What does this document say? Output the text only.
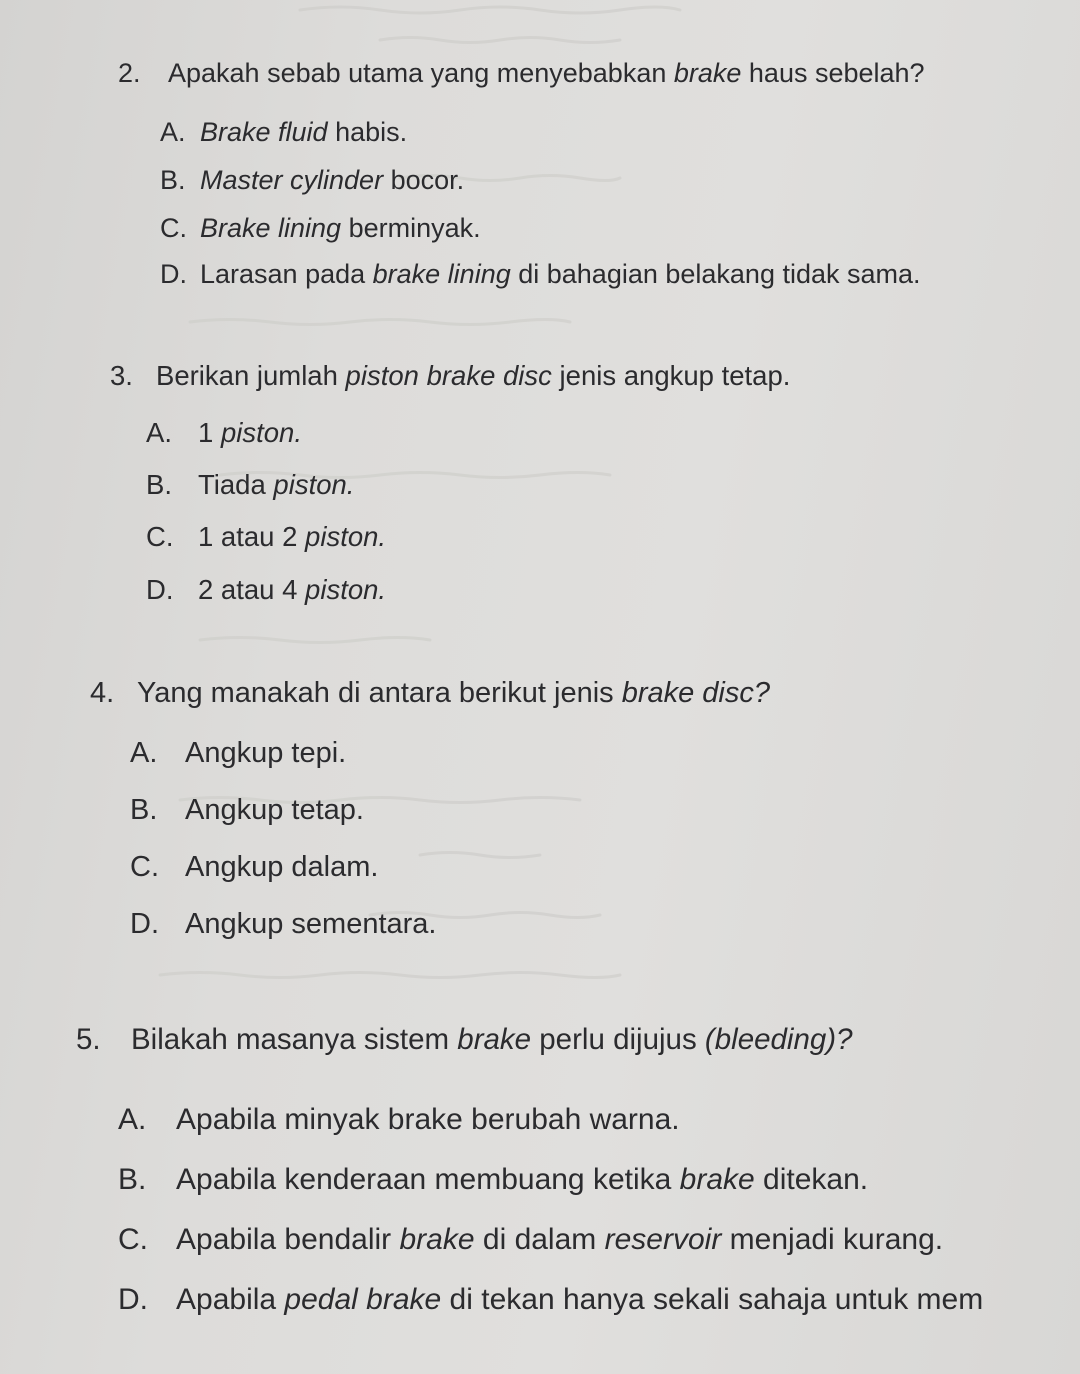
2. Apakah sebab utama yang menyebabkan brake haus sebelah?
A. Brake fluid habis.
B. Master cylinder bocor.
C. Brake lining berminyak.
D. Larasan pada brake lining di bahagian belakang tidak sama.
3. Berikan jumlah piston brake disc jenis angkup tetap.
A. 1 piston.
B. Tiada piston.
C. 1 atau 2 piston.
D. 2 atau 4 piston.
4. Yang manakah di antara berikut jenis brake disc?
A. Angkup tepi.
B. Angkup tetap.
C. Angkup dalam.
D. Angkup sementara.
5. Bilakah masanya sistem brake perlu dijujus (bleeding)?
A. Apabila minyak brake berubah warna.
B. Apabila kenderaan membuang ketika brake ditekan.
C. Apabila bendalir brake di dalam reservoir menjadi kurang.
D. Apabila pedal brake di tekan hanya sekali sahaja untuk mem
